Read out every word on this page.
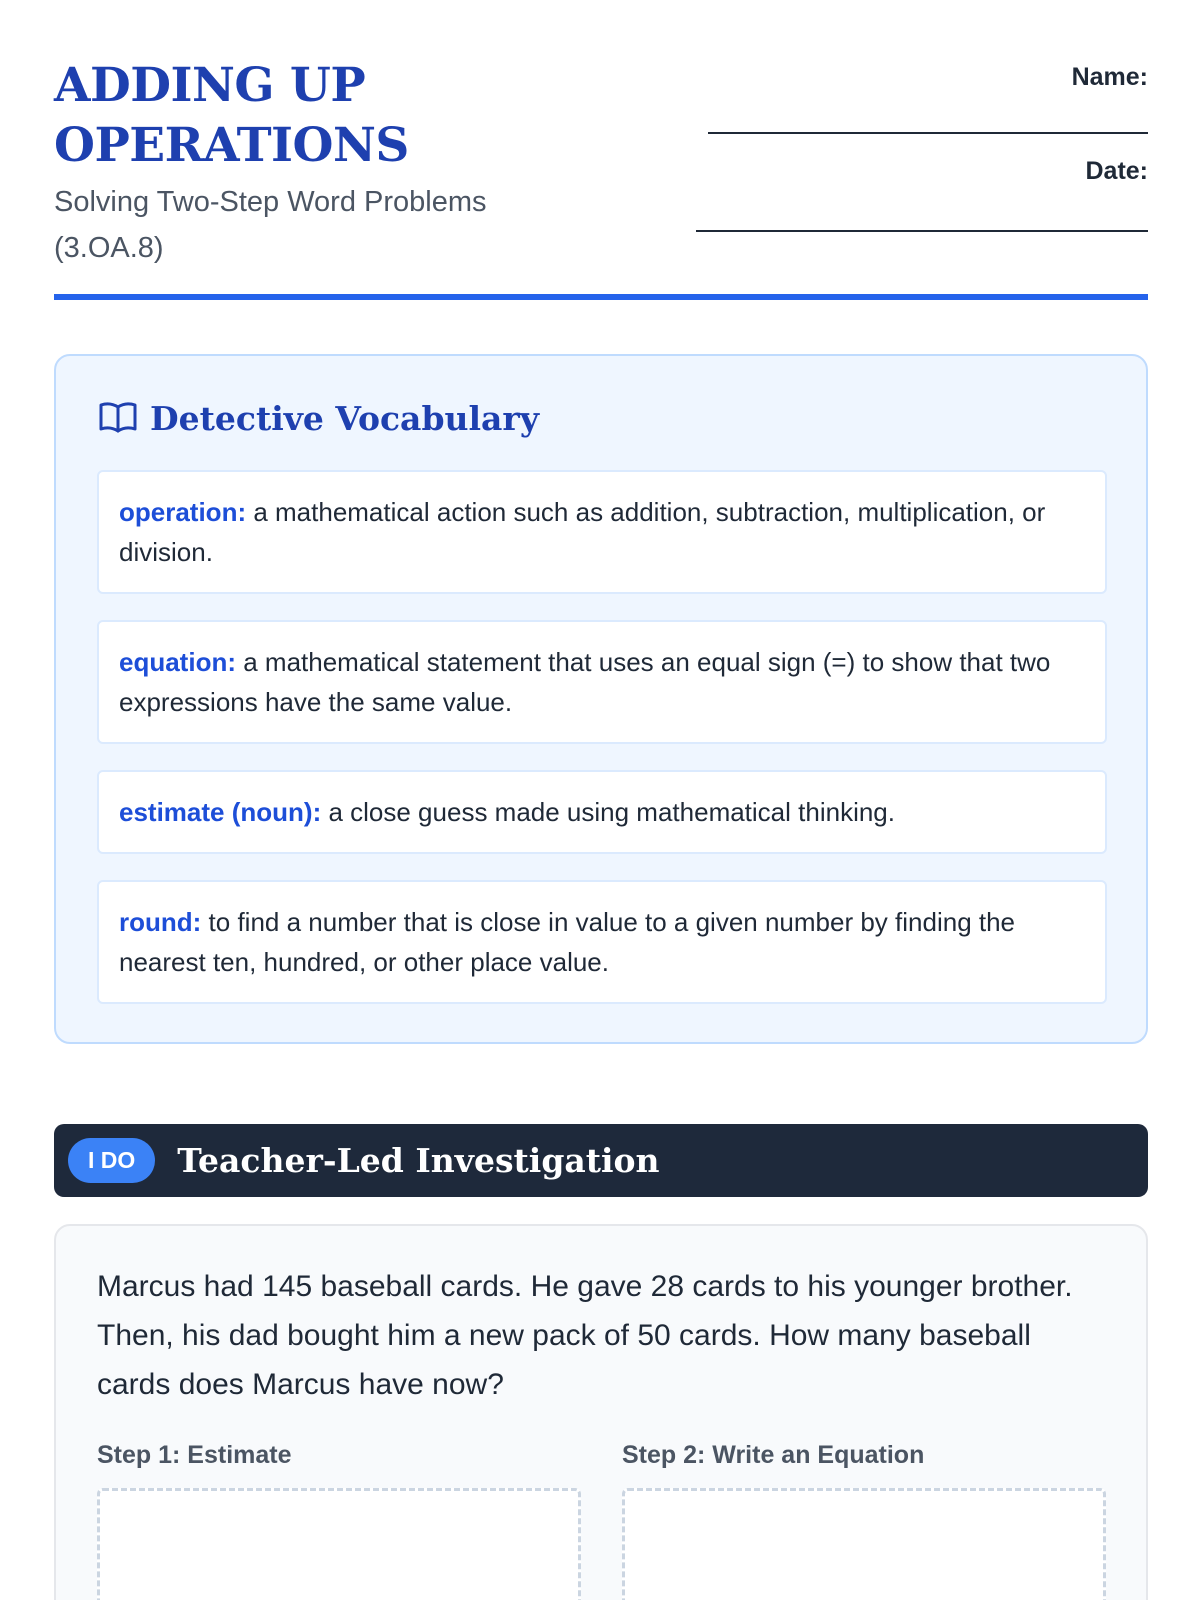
ADDING UP
OPERATIONS
Solving Two-Step Word Problems
(3.OA.8)
Name:
Date:
Detective Vocabulary
operation: a mathematical action such as addition, subtraction, multiplication, or division.
equation: a mathematical statement that uses an equal sign (=) to show that two expressions have the same value.
estimate (noun): a close guess made using mathematical thinking.
round: to find a number that is close in value to a given number by finding the nearest ten, hundred, or other place value.
I DO	Teacher-Led Investigation
Marcus had 145 baseball cards. He gave 28 cards to his younger brother. Then, his dad bought him a new pack of 50 cards. How many baseball cards does Marcus have now?
Step 1: Estimate	Step 2: Write an Equation
